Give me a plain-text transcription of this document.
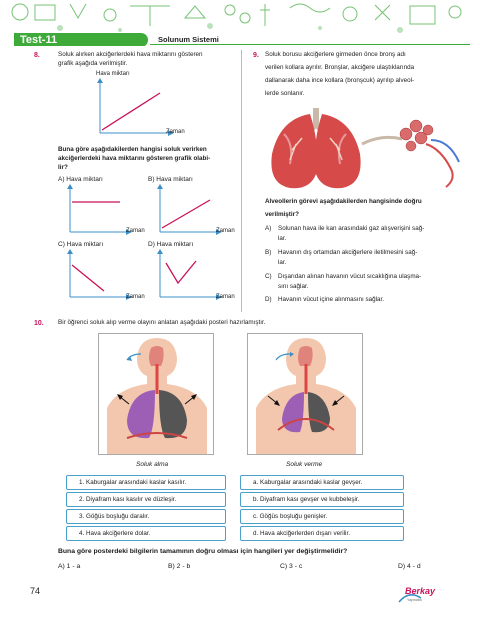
Test-11	Solunum Sistemi
8.	Soluk alırken akciğerlerdeki hava miktarını gösteren
grafik aşağıda verilmiştir.
Hava miktarı
Zaman
Buna göre aşağıdakilerden hangisi soluk verirken
akciğerlerdeki hava miktarını gösteren grafik olabi-
lir?
A) Hava miktarı
Zaman
B) Hava miktarı
Zaman
C) Hava miktarı
Zaman
D) Hava miktarı
Zaman
9. Soluk borusu akciğerlere girmeden önce bronş adı
verilen kollara ayrılır. Bronşlar, akciğere ulaştıklarında
dallanarak daha ince kollara (bronşcuk) ayrılıp alveol-
lerde sonlanır.
Alveollerin görevi aşağıdakilerden hangisinde doğru
verilmiştir?
A) Solunan hava ile kan arasındaki gaz alışverişini sağ-
lar.
B) Havanın dış ortamdan akciğerlere iletilmesini sağ-
lar.
C) Dışarıdan alınan havanın vücut sıcaklığına ulaşma-
sını sağlar.
D) Havanın vücut içine alınmasını sağlar.
10. Bir öğrenci soluk alıp verme olayını anlatan aşağıdaki posteri hazırlamıştır.
Soluk alma	Soluk verme
1. Kaburgalar arasındaki kaslar kasılır.
2. Diyafram kası kasılır ve düzleşir.
3. Göğüs boşluğu daralır.
4. Hava akciğerlere dolar.
a. Kaburgalar arasındaki kaslar gevşer.
b. Diyafram kası gevşer ve kubbeleşir.
c. Göğüs boşluğu genişler.
d. Hava akciğerlerden dışarı verilir.
Buna göre posterdeki bilgilerin tamamının doğru olması için hangileri yer değiştirmelidir?
A) 1 - a	B) 2 - b	C) 3 - c	D) 4 - d
74	Berkay
Yayıncılık
